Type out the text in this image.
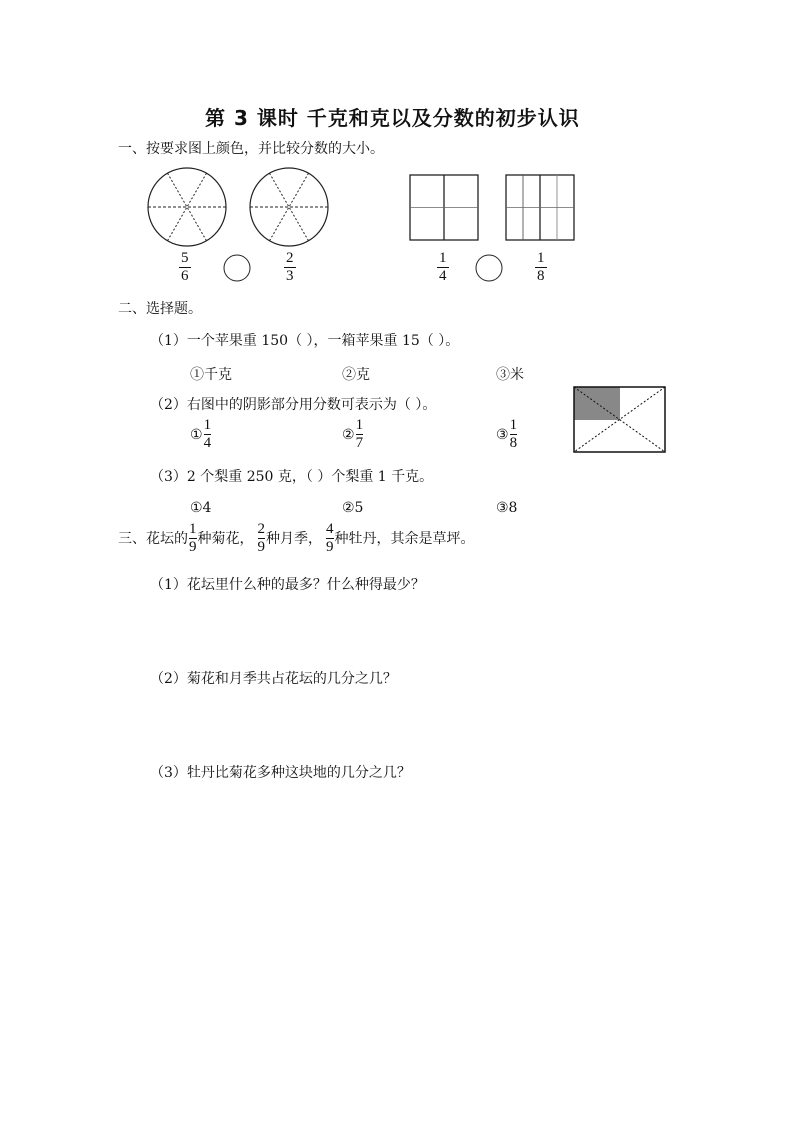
第 3 课时 千克和克以及分数的初步认识
一、按要求图上颜色，并比较分数的大小。
5
6
2
3
1
4
1
8
二、选择题。
（1）一个苹果重 150（ ），一箱苹果重 15（ ）。
①千克	②克	③米
（2）右图中的阴影部分用分数可表示为（ ）。
① $\frac{1}{4}$	② $\frac{1}{7}$	③ $\frac{1}{8}$
（3）2 个梨重 250 克，（ ）个梨重 1 千克。
①4	②5	③8
三、花坛的 $\frac{1}{9}$ 种菊花， $\frac{2}{9}$ 种月季， $\frac{4}{9}$ 种牡丹，其余是草坪。
（1）花坛里什么种的最多？什么种得最少？
（2）菊花和月季共占花坛的几分之几？
（3）牡丹比菊花多种这块地的几分之几？
